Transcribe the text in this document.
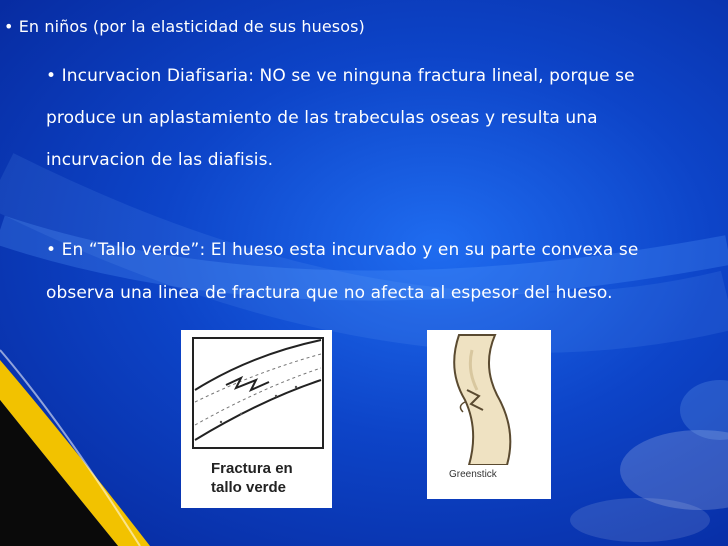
• En niños (por la elasticidad de sus huesos)
• Incurvacion Diafisaria: NO se ve ninguna fractura lineal, porque se
produce un aplastamiento de las trabeculas oseas y resulta una
incurvacion de las diafisis.
• En “Tallo verde”: El hueso esta incurvado y en su parte convexa se
observa una linea de fractura que no afecta al espesor del hueso.
Fractura en
tallo verde
Greenstick
